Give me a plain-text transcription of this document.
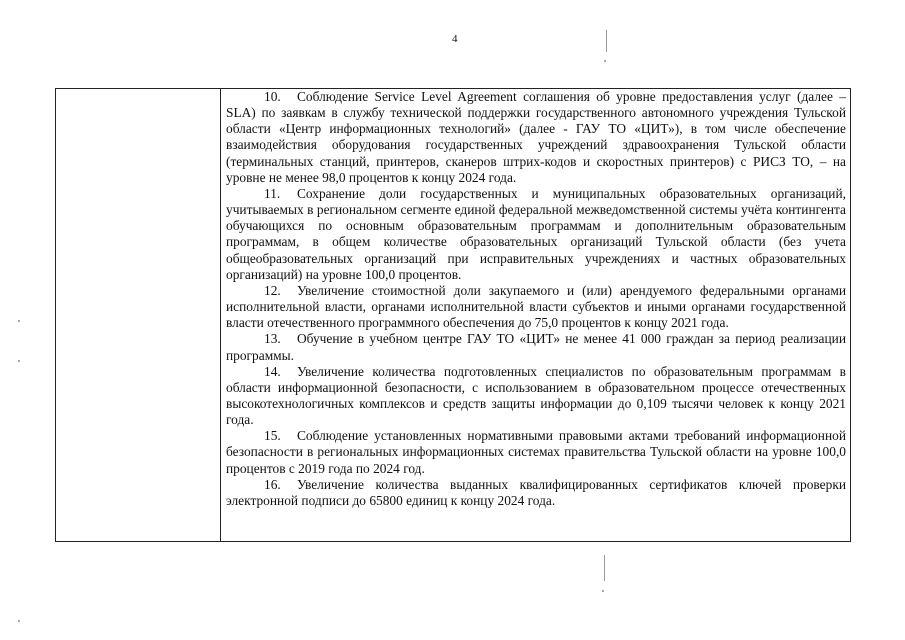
4

10. Соблюдение Service Level Agreement соглашения об уровне предоставления услуг (далее – SLA) по заявкам в службу технической поддержки государственного автономного учреждения Тульской области «Центр информационных технологий» (далее - ГАУ ТО «ЦИТ»), в том числе обеспечение взаимодействия оборудования государственных учреждений здравоохранения Тульской области (терминальных станций, принтеров, сканеров штрих-кодов и скоростных принтеров) с РИСЗ ТО, – на уровне не менее 98,0 процентов к концу 2024 года.

11. Сохранение доли государственных и муниципальных образовательных организаций, учитываемых в региональном сегменте единой федеральной межведомственной системы учёта контингента обучающихся по основным образовательным программам и дополнительным образовательным программам, в общем количестве образовательных организаций Тульской области (без учета общеобразовательных организаций при исправительных учреждениях и частных образовательных организаций) на уровне 100,0 процентов.

12. Увеличение стоимостной доли закупаемого и (или) арендуемого федеральными органами исполнительной власти, органами исполнительной власти субъектов и иными органами государственной власти отечественного программного обеспечения до 75,0 процентов к концу 2021 года.

13. Обучение в учебном центре ГАУ ТО «ЦИТ» не менее 41 000 граждан за период реализации программы.

14. Увеличение количества подготовленных специалистов по образовательным программам в области информационной безопасности, с использованием в образовательном процессе отечественных высокотехнологичных комплексов и средств защиты информации до 0,109 тысячи человек к концу 2021 года.

15. Соблюдение установленных нормативными правовыми актами требований информационной безопасности в региональных информационных системах правительства Тульской области на уровне 100,0 процентов с 2019 года по 2024 год.

16. Увеличение количества выданных квалифицированных сертификатов ключей проверки электронной подписи до 65800 единиц к концу 2024 года.
